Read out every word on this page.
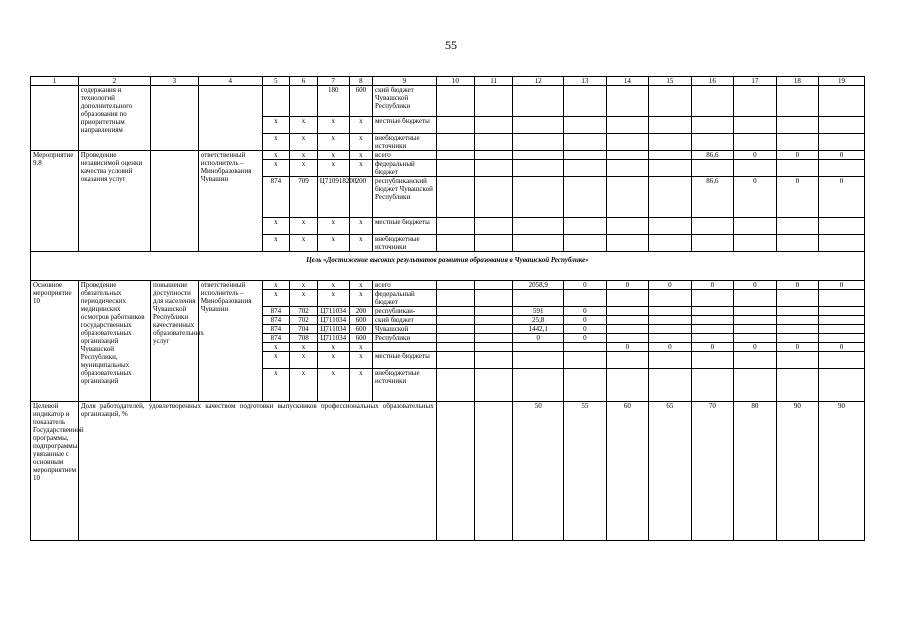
55
1	2	3	4	5	6	7	8	9	10	11	12	13	14	15	16	17	18	19
	содержания и технологий дополнительного образования по приоритетным направлениям					180	600	ский бюджет Чувашской Республики										
				x	x	x	x	местные бюджеты										
				x	x	x	x	внебюджетные источники										
Мероприятие 9.8	Проведение независимой оценки качества условий оказания услуг		ответственный исполнитель – Минобразования Чувашии	x	x	x	x	всего							86,6	0	0	0
				x	x	x	x	федеральный бюджет										
				874	709	Ц710918200	200	республиканский бюджет Чувашской Республики							86,6	0	0	0
				x	x	x	x	местные бюджеты										
				x	x	x	x	внебюджетные источники										
Цель «Достижение высоких результатов развития образования в Чувашской Республике»																		
Основное мероприятие 10	Проведение обязательных периодических медицинских осмотров работников государственных образовательных организаций Чувашской Республики, муниципальных образовательных организаций	повышение доступности для населения Чувашской Республики качественных образовательных услуг	ответственный исполнитель – Минобразования Чувашии	x	x	x	x	всего			2058,9	0	0	0	0	0	0	0
				x	x	x	x	федеральный бюджет										
				874	702	Ц711034	200	республикан-			591	0						
				874	702	Ц711034	600	ский бюджет			25,8	0						
				874	704	Ц711034	600	Чувашской			1442,1	0						
				874	708	Ц711034	600	Республики			0	0						
				x	x	x	x						0	0	0	0	0	0
				x	x	x	x	местные бюджеты										
				x	x	x	x	внебюджетные источники										
Целевой индикатор и показатель Государственной программы, подпрограммы, увязанные с основным мероприятием 10	Доля работодателей, удовлетворенных качеством подготовки выпускников профессиональных образовательных организаций, %										50	55	60	65	70	80	90	90
